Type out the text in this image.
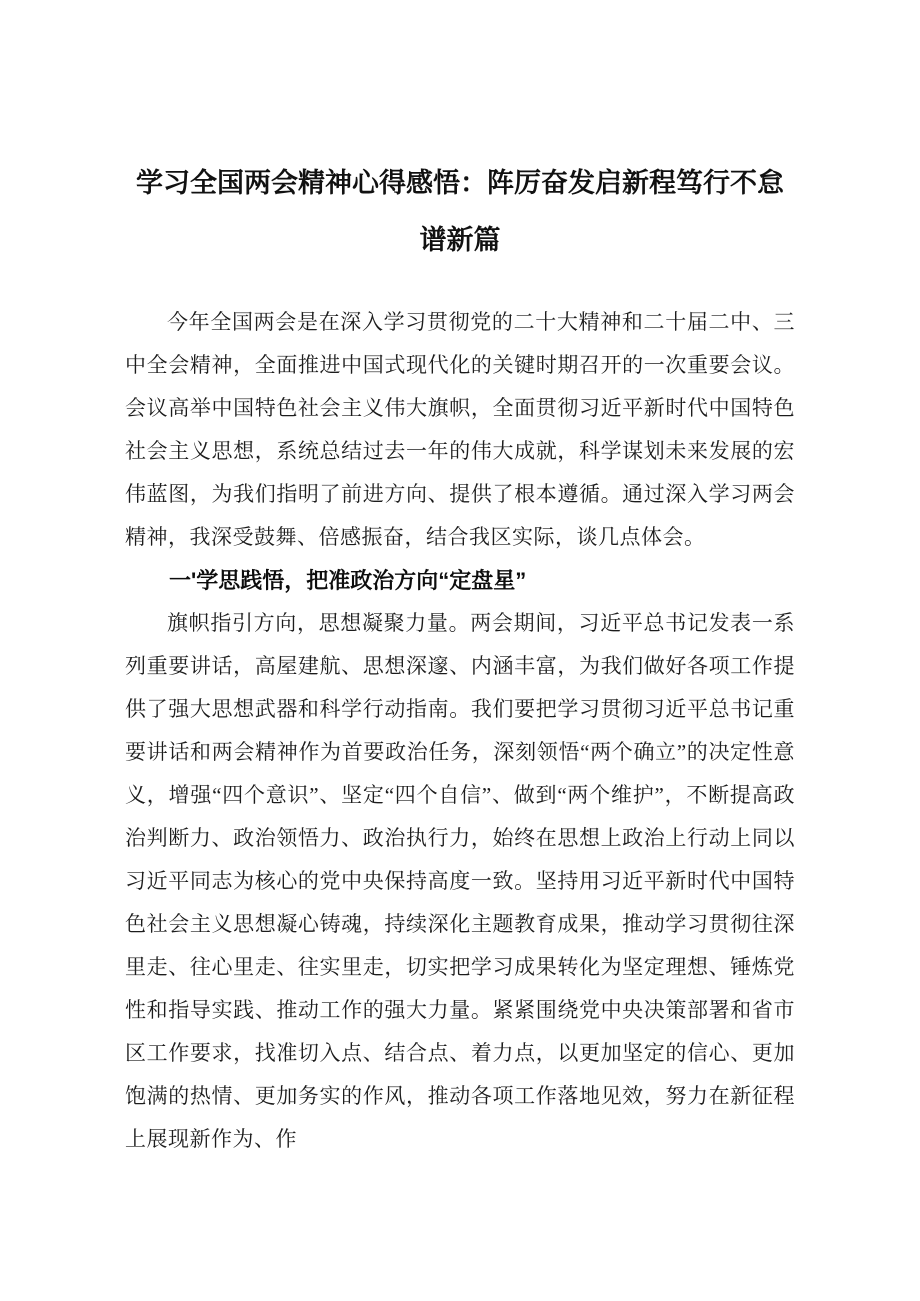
学习全国两会精神心得感悟：阵厉奋发启新程笃行不怠谱新篇

今年全国两会是在深入学习贯彻党的二十大精神和二十届二中、三中全会精神，全面推进中国式现代化的关键时期召开的一次重要会议。会议高举中国特色社会主义伟大旗帜，全面贯彻习近平新时代中国特色社会主义思想，系统总结过去一年的伟大成就，科学谋划未来发展的宏伟蓝图，为我们指明了前进方向、提供了根本遵循。通过深入学习两会精神，我深受鼓舞、倍感振奋，结合我区实际，谈几点体会。

一'学思践悟，把准政治方向“定盘星”

旗帜指引方向，思想凝聚力量。两会期间，习近平总书记发表一系列重要讲话，高屋建航、思想深邃、内涵丰富，为我们做好各项工作提供了强大思想武器和科学行动指南。我们要把学习贯彻习近平总书记重要讲话和两会精神作为首要政治任务，深刻领悟“两个确立”的决定性意义，增强“四个意识”、坚定“四个自信”、做到“两个维护”，不断提高政治判断力、政治领悟力、政治执行力，始终在思想上政治上行动上同以习近平同志为核心的党中央保持高度一致。坚持用习近平新时代中国特色社会主义思想凝心铸魂，持续深化主题教育成果，推动学习贯彻往深里走、往心里走、往实里走，切实把学习成果转化为坚定理想、锤炼党性和指导实践、推动工作的强大力量。紧紧围绕党中央决策部署和省市区工作要求，找准切入点、结合点、着力点，以更加坚定的信心、更加饱满的热情、更加务实的作风，推动各项工作落地见效，努力在新征程上展现新作为、作
